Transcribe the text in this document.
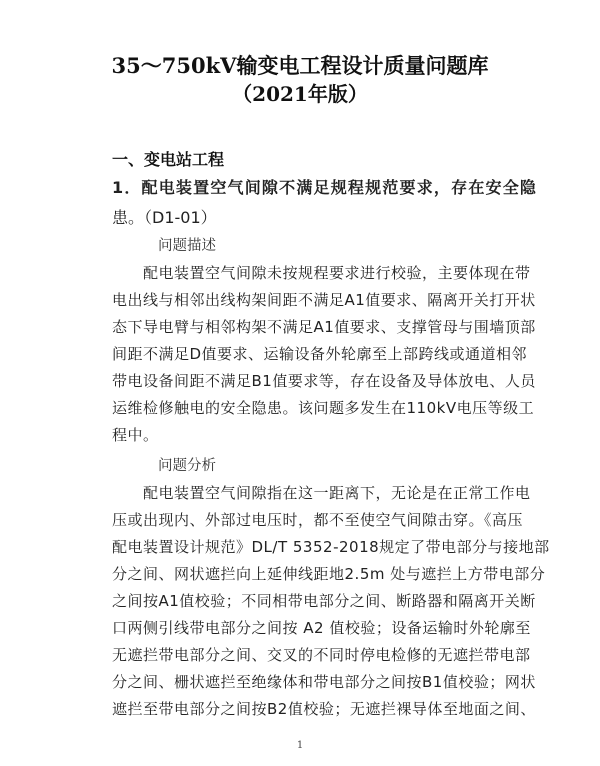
35～750kV输变电工程设计质量问题库
（2021年版）
一、变电站工程
1．配电装置空气间隙不满足规程规范要求，存在安全隐
患。（D1-01）
问题描述
　　配电装置空气间隙未按规程要求进行校验，主要体现在带
电出线与相邻出线构架间距不满足A1值要求、隔离开关打开状
态下导电臂与相邻构架不满足A1值要求、支撑管母与围墙顶部
间距不满足D值要求、运输设备外轮廓至上部跨线或通道相邻
带电设备间距不满足B1值要求等，存在设备及导体放电、人员
运维检修触电的安全隐患。该问题多发生在110kV电压等级工
程中。
问题分析
　　配电装置空气间隙指在这一距离下，无论是在正常工作电
压或出现内、外部过电压时，都不至使空气间隙击穿。《高压
配电装置设计规范》DL/T 5352-2018规定了带电部分与接地部
分之间、网状遮拦向上延伸线距地2.5m 处与遮拦上方带电部分
之间按A1值校验；不同相带电部分之间、断路器和隔离开关断
口两侧引线带电部分之间按 A2 值校验；设备运输时外轮廓至
无遮拦带电部分之间、交叉的不同时停电检修的无遮拦带电部
分之间、栅状遮拦至绝缘体和带电部分之间按B1值校验；网状
遮拦至带电部分之间按B2值校验；无遮拦裸导体至地面之间、
1
